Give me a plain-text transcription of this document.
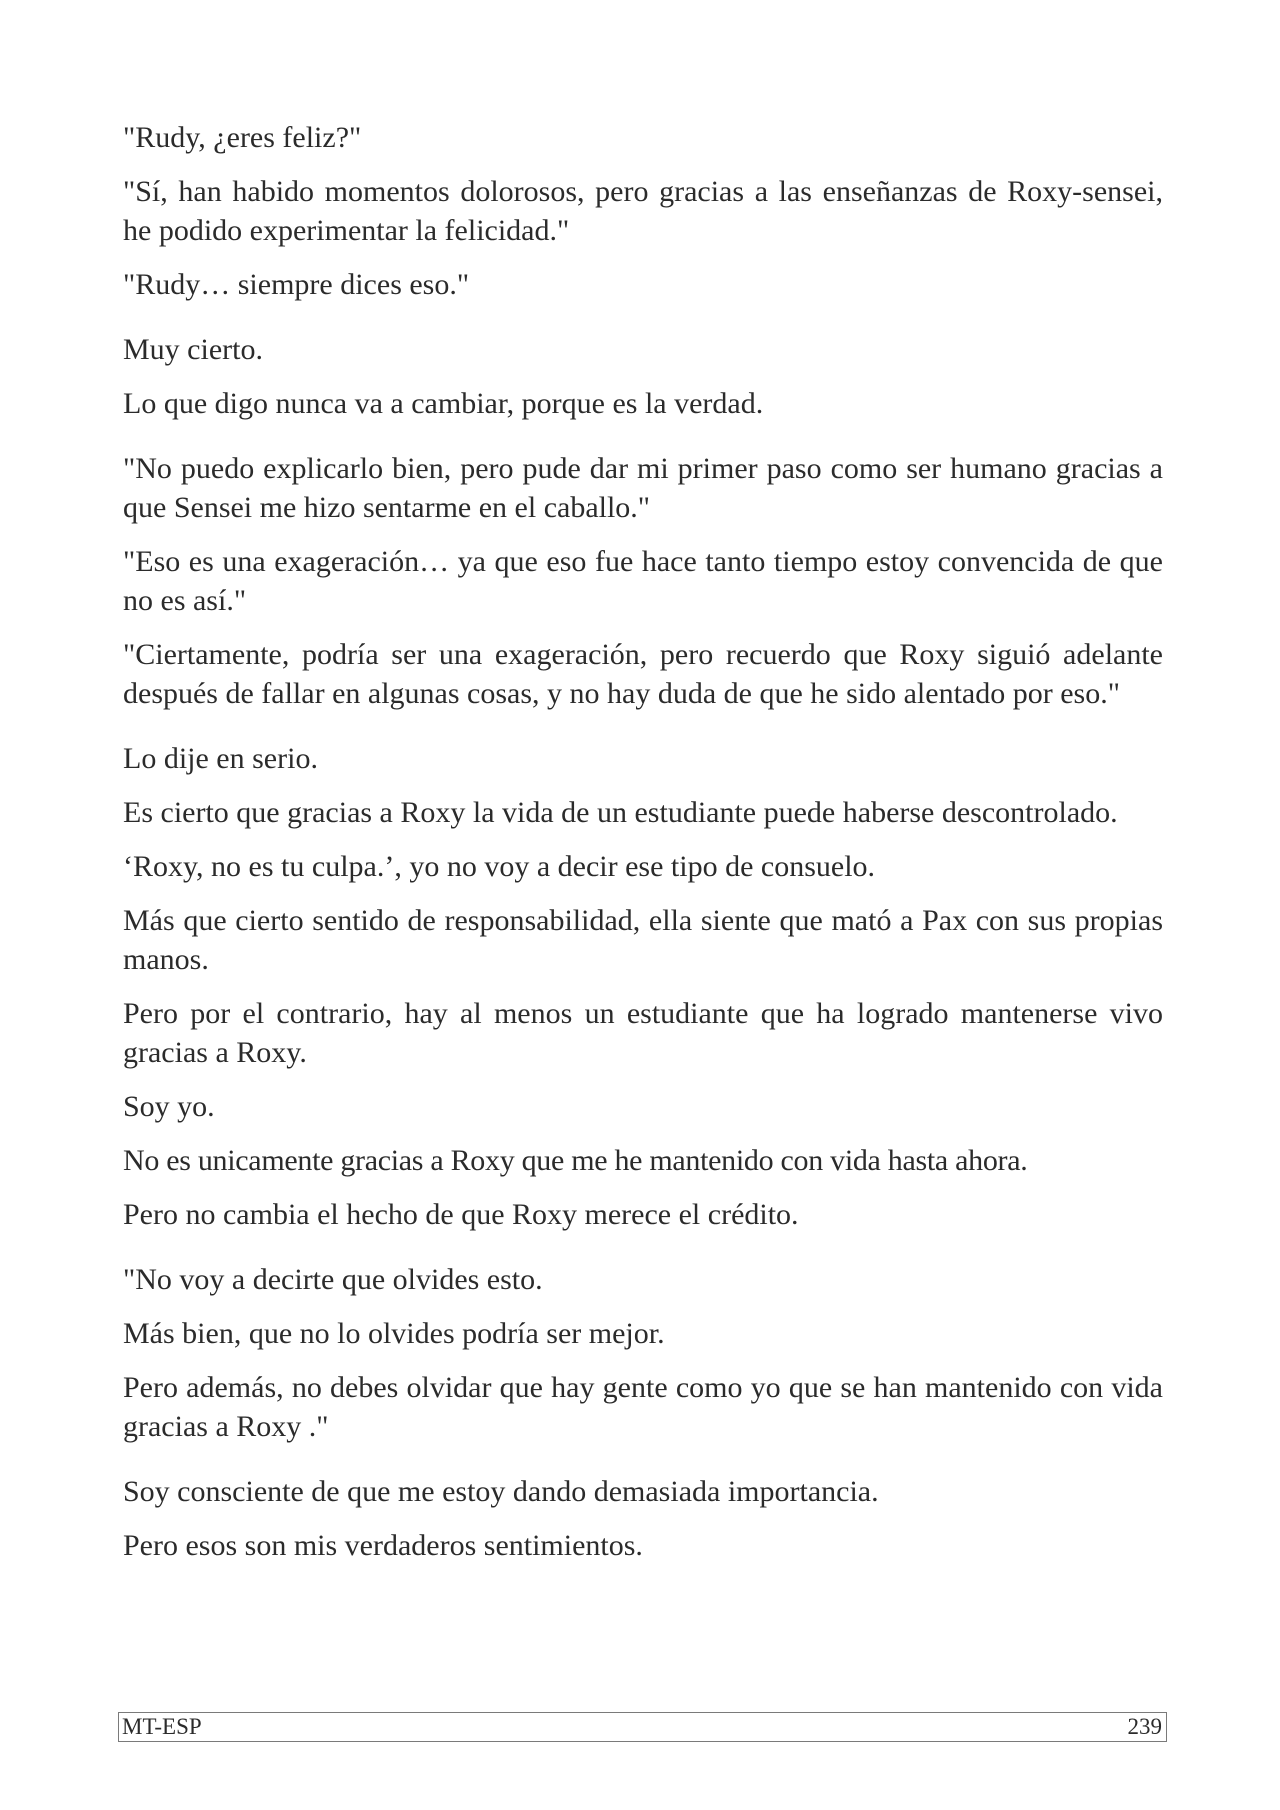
"Rudy, ¿eres feliz?"

"Sí, han habido momentos dolorosos, pero gracias a las enseñanzas de Roxy-sensei, he podido experimentar la felicidad."

"Rudy… siempre dices eso."

Muy cierto.

Lo que digo nunca va a cambiar, porque es la verdad.

"No puedo explicarlo bien, pero pude dar mi primer paso como ser humano gracias a que Sensei me hizo sentarme en el caballo."

"Eso es una exageración… ya que eso fue hace tanto tiempo estoy convencida de que no es así."

"Ciertamente, podría ser una exageración, pero recuerdo que Roxy siguió adelante después de fallar en algunas cosas, y no hay duda de que he sido alentado por eso."

Lo dije en serio.

Es cierto que gracias a Roxy la vida de un estudiante puede haberse descontrolado.

‘Roxy, no es tu culpa.’, yo no voy a decir ese tipo de consuelo.

Más que cierto sentido de responsabilidad, ella siente que mató a Pax con sus propias manos.

Pero por el contrario, hay al menos un estudiante que ha logrado mantenerse vivo gracias a Roxy.

Soy yo.

No es unicamente gracias a Roxy que me he mantenido con vida hasta ahora.

Pero no cambia el hecho de que Roxy merece el crédito.

"No voy a decirte que olvides esto.

Más bien, que no lo olvides podría ser mejor.

Pero además, no debes olvidar que hay gente como yo que se han mantenido con vida gracias a Roxy ."

Soy consciente de que me estoy dando demasiada importancia.

Pero esos son mis verdaderos sentimientos.

MT-ESP	239
